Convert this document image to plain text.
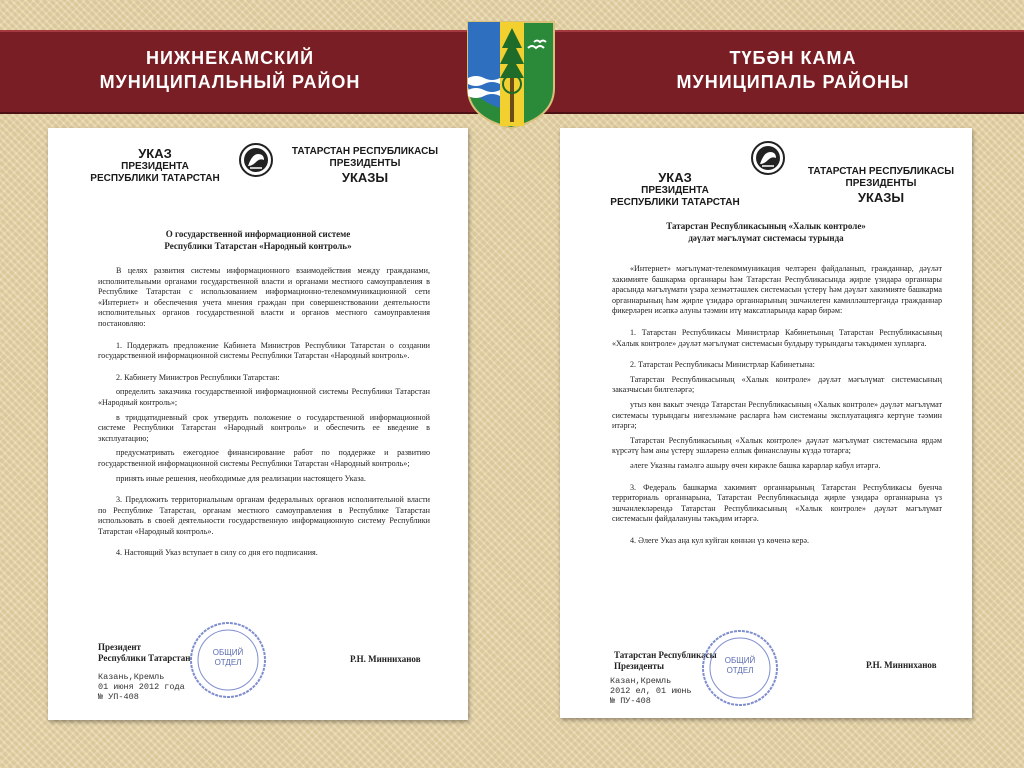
НИЖНЕКАМСКИЙ
МУНИЦИПАЛЬНЫЙ РАЙОН
ТҮБӘН КАМА
МУНИЦИПАЛЬ РАЙОНЫ
УКАЗ
ПРЕЗИДЕНТА
РЕСПУБЛИКИ ТАТАРСТАН
ТАТАРСТАН РЕСПУБЛИКАСЫ
ПРЕЗИДЕНТЫ
УКАЗЫ
О государственной информационной системе
Республики Татарстан «Народный контроль»

В целях развития системы информационного взаимодействия между гражданами, исполнительными органами государственной власти и органами местного самоуправления в Республике Татарстан с использованием информационно-телекоммуникационной сети «Интернет» и обеспечения учета мнения граждан при совершенствовании деятельности исполнительных органов государственной власти и органов местного самоуправления постановляю:

1. Поддержать предложение Кабинета Министров Республики Татарстан о создании государственной информационной системы Республики Татарстан «Народный контроль».

2. Кабинету Министров Республики Татарстан:

определить заказчика государственной информационной системы Республики Татарстан «Народный контроль»;

в тридцатидневный срок утвердить положение о государственной информационной системе Республики Татарстан «Народный контроль» и обеспечить ее введение в эксплуатацию;

предусматривать ежегодное финансирование работ по поддержке и развитию государственной информационной системы Республики Татарстан «Народный контроль»;

принять иные решения, необходимые для реализации настоящего Указа.

3. Предложить территориальным органам федеральных органов исполнительной власти по Республике Татарстан, органам местного самоуправления в Республике Татарстан использовать в своей деятельности государственную информационную систему Республики Татарстан «Народный контроль».

4. Настоящий Указ вступает в силу со дня его подписания.

Президент
Республики Татарстан	Р.Н. Минниханов
Казань,Кремль
01 июня 2012 года
№ УП-408
ОБЩИЙ
ОТДЕЛ
УКАЗ
ПРЕЗИДЕНТА
РЕСПУБЛИКИ ТАТАРСТАН
ТАТАРСТАН РЕСПУБЛИКАСЫ
ПРЕЗИДЕНТЫ
УКАЗЫ
Татарстан Республикасының «Халык контроле»
дәүләт мәгълүмат системасы турында

«Интернет» мәгълүмат-телекоммуникация челтәрен файдаланып, гражданнар, дәүләт хакимияте башкарма органнары һәм Татарстан Республикасында җирле үзидарә органнары арасында мәгълүмати үзара хезмәттәшлек системасын үстерү һәм дәүләт хакимияте башкарма органнарының һәм җирле үзидарә органнарының эшчәнлеген камилләштергәндә гражданнар фикерләрен исәпкә алуны тәэмин итү максатларында карар бирәм:

1. Татарстан Республикасы Министрлар Кабинетының Татарстан Республикасының «Халык контроле» дәүләт мәгълүмат системасын булдыру турындагы тәкъдимен хупларга.

2. Татарстан Республикасы Министрлар Кабинетына:

Татарстан Республикасының «Халык контроле» дәүләт мәгълүмат системасының заказчысын билгеләргә;

утыз көн вакыт эчендә Татарстан Республикасының «Халык контроле» дәүләт мәгълүмат системасы турындагы нигезләмәне расларга һәм системаны эксплуатациягә кертүне тәэмин итәргә;

Татарстан Республикасының «Халык контроле» дәүләт мәгълүмат системасына ярдәм күрсәтү һәм аны үстерү эшләренә еллык финанслауны күздә тотарга;

әлеге Указны гамәлгә ашыру өчен кирәкле башка карарлар кабул итәргә.

3. Федераль башкарма хакимият органнарының Татарстан Республикасы буенча территориаль органнарына, Татарстан Республикасында җирле үзидарә органнарына үз эшчәнлекләрендә Татарстан Республикасының «Халык контроле» дәүләт мәгълүмат системасын файдалануны тәкъдим итәргә.

4. Әлеге Указ аңа кул куйган көннән үз көченә керә.

Татарстан Республикасы
Президенты	Р.Н. Минниханов
Казан,Кремль
2012 ел, 01 июнь
№ ПУ-408
ОБЩИЙ
ОТДЕЛ
